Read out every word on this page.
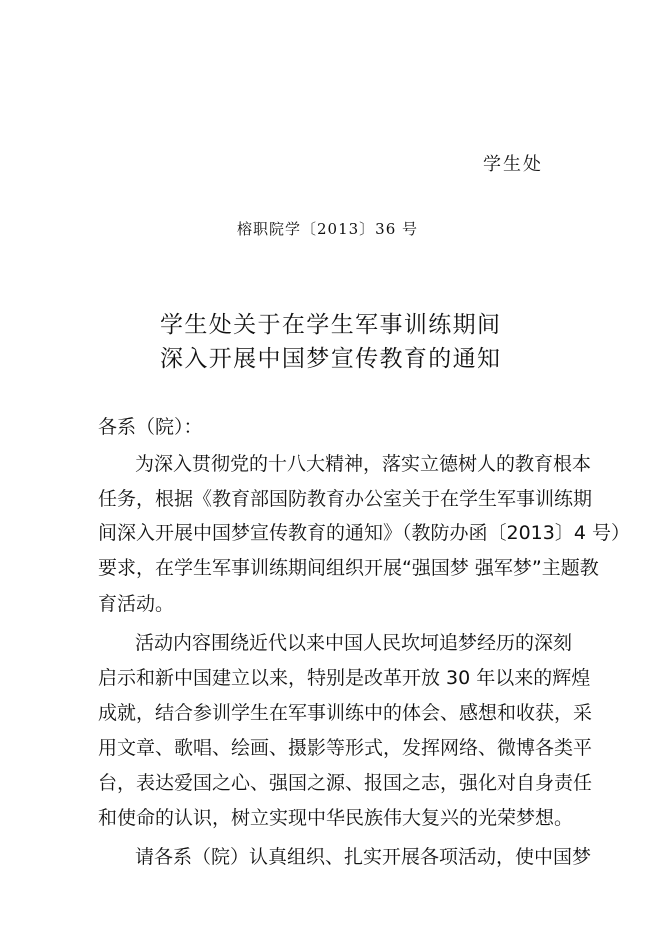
学生处
榕职院学〔2013〕36 号
学生处关于在学生军事训练期间
深入开展中国梦宣传教育的通知
各系（院）：
为深入贯彻党的十八大精神，落实立德树人的教育根本
任务，根据《教育部国防教育办公室关于在学生军事训练期
间深入开展中国梦宣传教育的通知》（教防办函〔2013〕4 号）
要求，在学生军事训练期间组织开展“强国梦 强军梦”主题教
育活动。
活动内容围绕近代以来中国人民坎坷追梦经历的深刻
启示和新中国建立以来，特别是改革开放 30 年以来的辉煌
成就，结合参训学生在军事训练中的体会、感想和收获，采
用文章、歌唱、绘画、摄影等形式，发挥网络、微博各类平
台，表达爱国之心、强国之源、报国之志，强化对自身责任
和使命的认识，树立实现中华民族伟大复兴的光荣梦想。
请各系（院）认真组织、扎实开展各项活动，使中国梦
